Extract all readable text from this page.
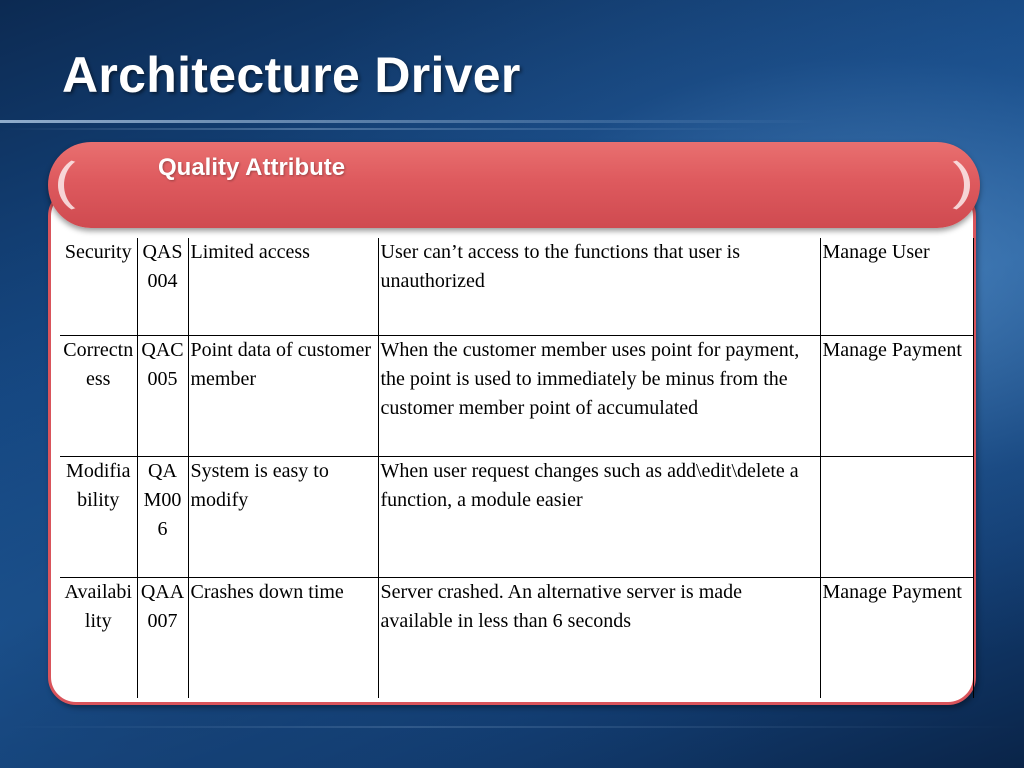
Architecture Driver
Quality Attribute
Security	QAS004	Limited access	User can’t access to the functions that user is unauthorized	Manage User
Correctness	QAC005	Point data of customer member	When the customer member uses point for payment, the point is used to immediately be minus from the customer member point of accumulated	Manage Payment
Modifiability	QAM006	System is easy to modify	When user request changes such as add\edit\delete a function, a module easier	
Availability	QAA007	Crashes down time	Server crashed. An alternative server is made available in less than 6 seconds	Manage Payment
